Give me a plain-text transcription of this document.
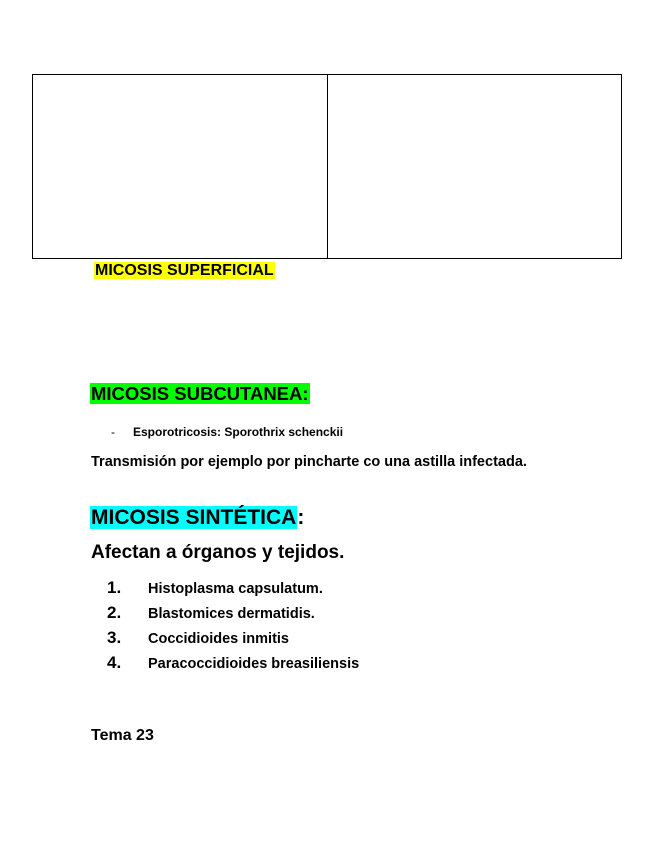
MICOSIS SUPERFICIAL
MICOSIS SUBCUTANEA:
- Esporotricosis: Sporothrix schenckii
Transmisión por ejemplo por pincharte co una astilla infectada.
MICOSIS SINTÉTICA:
Afectan a órganos y tejidos.
1.	Histoplasma capsulatum.
2.	Blastomices dermatidis.
3.	Coccidioides inmitis
4.	Paracoccidioides breasiliensis
Tema 23
